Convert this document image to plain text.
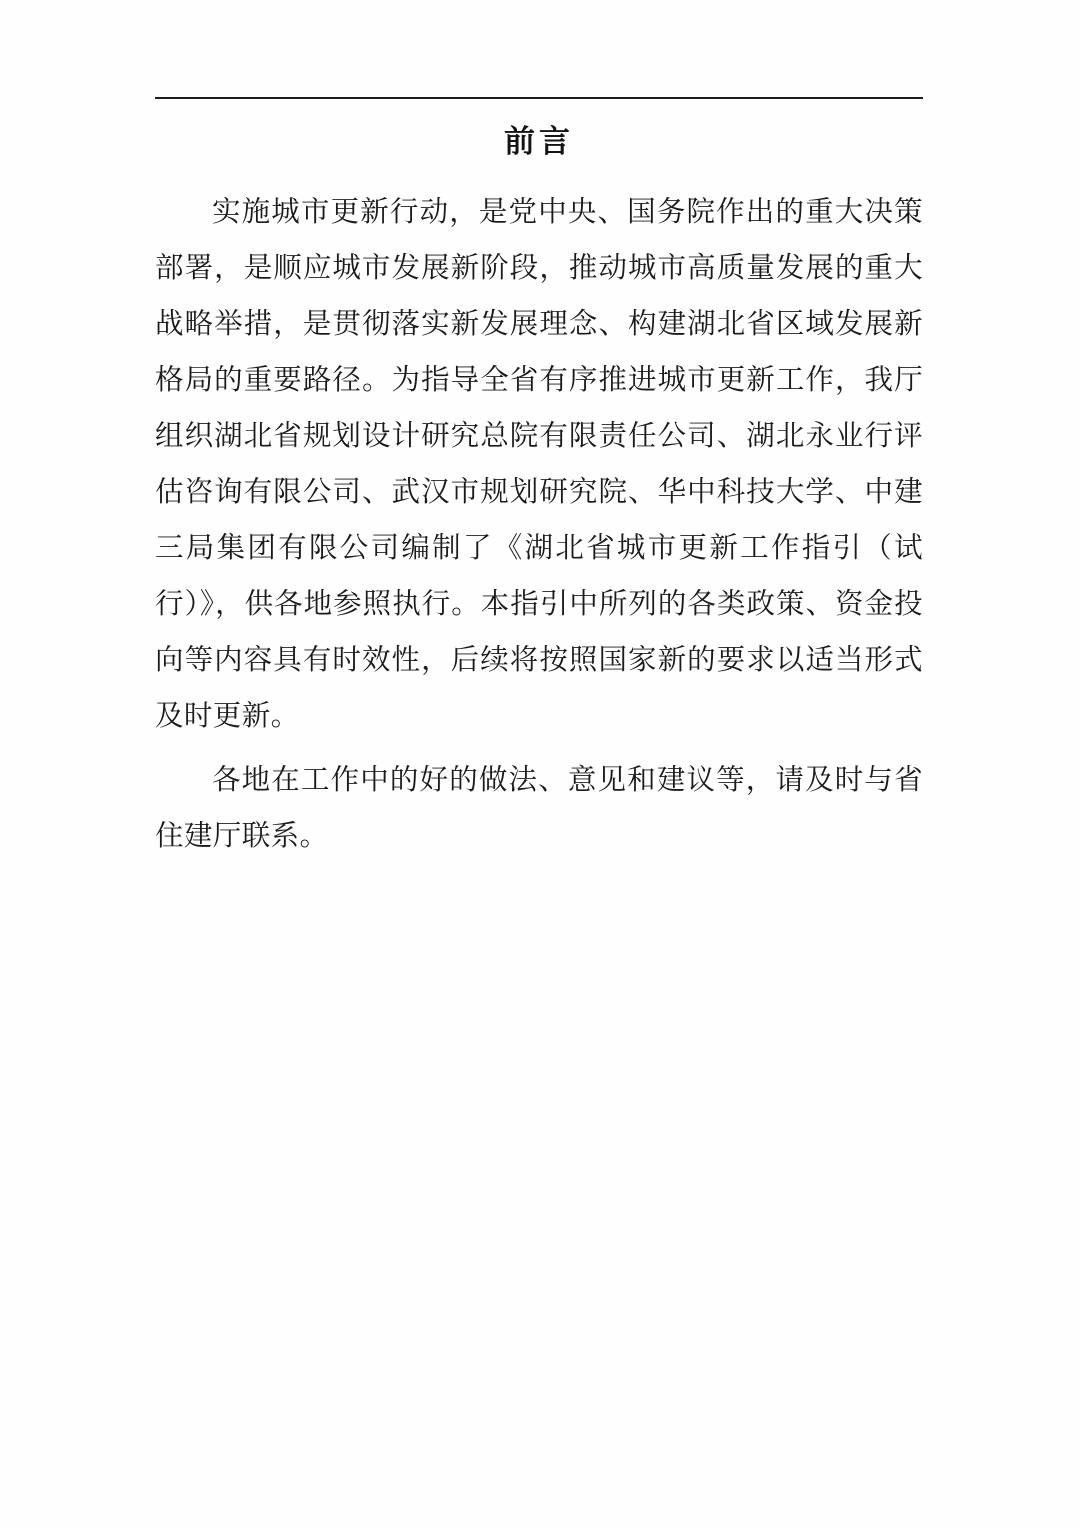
前言

实施城市更新行动，是党中央、国务院作出的重大决策部署，是顺应城市发展新阶段，推动城市高质量发展的重大战略举措，是贯彻落实新发展理念、构建湖北省区域发展新格局的重要路径。为指导全省有序推进城市更新工作，我厅组织湖北省规划设计研究总院有限责任公司、湖北永业行评估咨询有限公司、武汉市规划研究院、华中科技大学、中建三局集团有限公司编制了《湖北省城市更新工作指引（试行）》，供各地参照执行。本指引中所列的各类政策、资金投向等内容具有时效性，后续将按照国家新的要求以适当形式及时更新。

各地在工作中的好的做法、意见和建议等，请及时与省住建厅联系。
